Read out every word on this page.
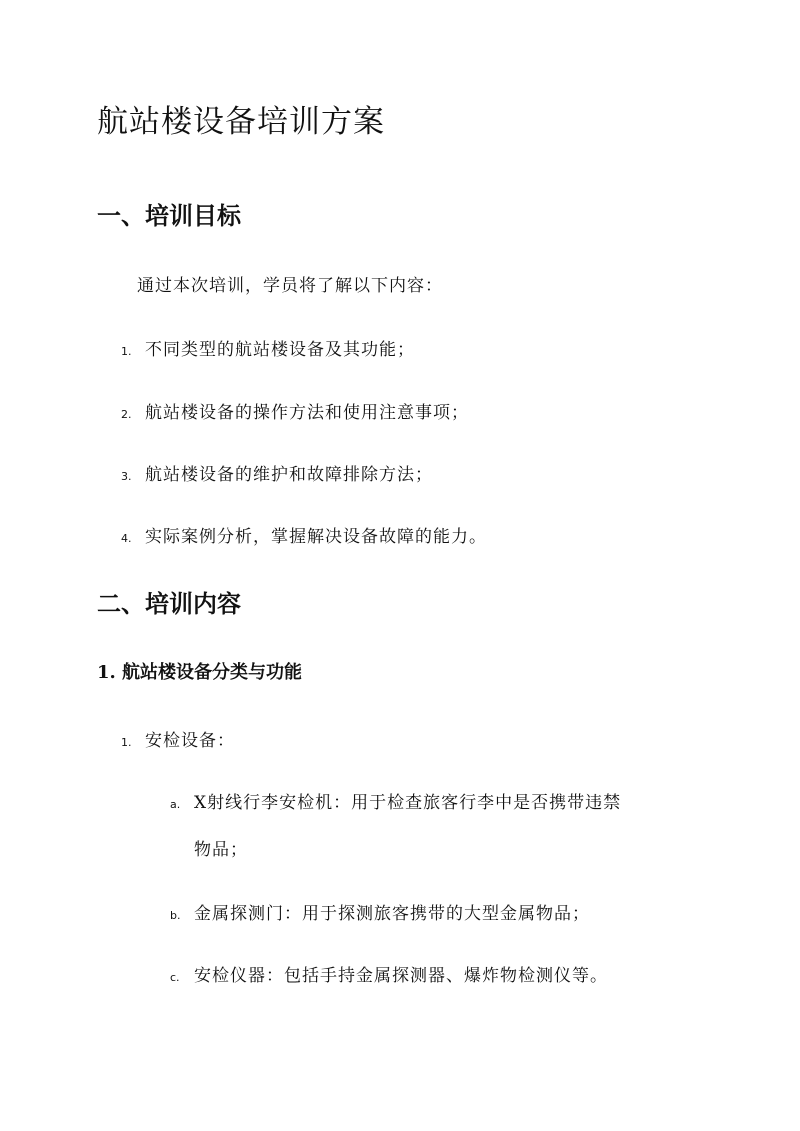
航站楼设备培训方案
一、培训目标

通过本次培训，学员将了解以下内容：

1. 不同类型的航站楼设备及其功能；
2. 航站楼设备的操作方法和使用注意事项；
3. 航站楼设备的维护和故障排除方法；
4. 实际案例分析，掌握解决设备故障的能力。
二、培训内容
1. 航站楼设备分类与功能
1. 安检设备：
a. X射线行李安检机：用于检查旅客行李中是否携带违禁
物品；
b. 金属探测门：用于探测旅客携带的大型金属物品；
c. 安检仪器：包括手持金属探测器、爆炸物检测仪等。
